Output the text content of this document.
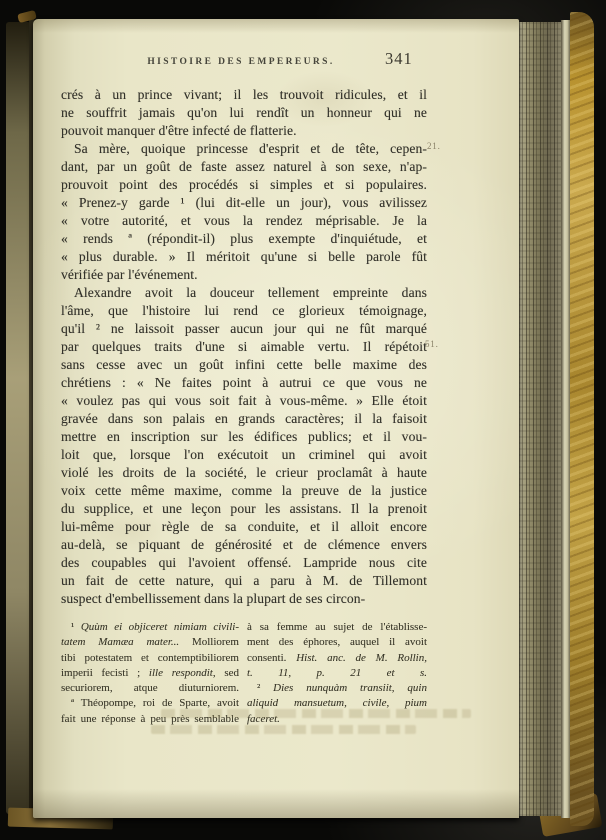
HISTOIRE DES EMPEREURS.	341
crés à un prince vivant; il les trouvoit ridicules, et il
ne souffrit jamais qu'on lui rendît un honneur qui ne
pouvoit manquer d'être infecté de flatterie.
Sa mère, quoique princesse d'esprit et de tête, cepen-
dant, par un goût de faste assez naturel à son sexe, n'ap-
prouvoit point des procédés si simples et si populaires.
« Prenez-y garde ¹ (lui dit-elle un jour), vous avilissez
« votre autorité, et vous la rendez méprisable. Je la
« rends ª (répondit-il) plus exempte d'inquiétude, et
« plus durable. » Il méritoit qu'une si belle parole fût
vérifiée par l'événement.
Alexandre avoit la douceur tellement empreinte dans
l'âme, que l'histoire lui rend ce glorieux témoignage,
qu'il ² ne laissoit passer aucun jour qui ne fût marqué
par quelques traits d'une si aimable vertu. Il répétoit
sans cesse avec un goût infini cette belle maxime des
chrétiens : « Ne faites point à autrui ce que vous ne
« voulez pas qui vous soit fait à vous-même. » Elle étoit
gravée dans son palais en grands caractères; il la faisoit
mettre en inscription sur les édifices publics; et il vou-
loit que, lorsque l'on exécutoit un criminel qui avoit
violé les droits de la société, le crieur proclamât à haute
voix cette même maxime, comme la preuve de la justice
du supplice, et une leçon pour les assistans. Il la prenoit
lui-même pour règle de sa conduite, et il alloit encore
au-delà, se piquant de générosité et de clémence envers
des coupables qui l'avoient offensé. Lampride nous cite
un fait de cette nature, qui a paru à M. de Tillemont
suspect d'embellissement dans la plupart de ses circon-
21.
51.
¹ Quùm ei objiceret nimiam civili-
tatem Mamæa mater... Molliorem
tibi potestatem et contemptibiliorem
imperii fecisti ; ille respondit, sed
securiorem, atque diuturniorem.
ª Théopompe, roi de Sparte, avoit
fait une réponse à peu près semblable
à sa femme au sujet de l'établisse-
ment des éphores, auquel il avoit
consenti. Hist. anc. de M. Rollin,
t. 11, p. 21 et s.
² Dies nunquàm transiit, quin
aliquid mansuetum, civile, pium
faceret.
